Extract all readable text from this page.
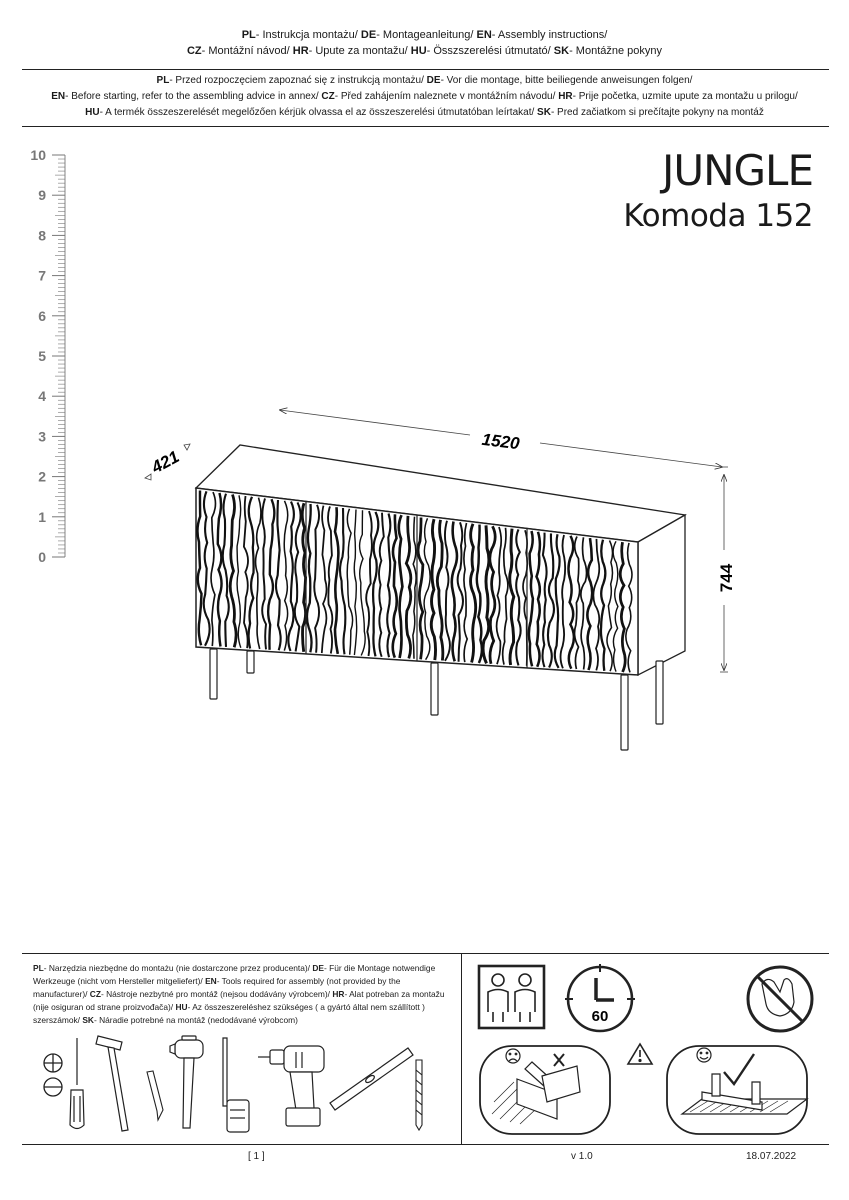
PL- Instrukcja montażu/ DE- Montageanleitung/ EN- Assembly instructions/
CZ- Montážní návod/ HR- Upute za montažu/ HU- Összszerelési útmutató/ SK- Montážne pokyny
PL- Przed rozpoczęciem zapoznać się z instrukcją montażu/ DE- Vor die montage, bitte beiliegende anweisungen folgen/
EN- Before starting, refer to the assembling advice in annex/ CZ- Před zahájením naleznete v montážním návodu/ HR- Prije početka, uzmite upute za montažu u prilogu/
HU- A termék összeszerelését megelőzően kérjük olvassa el az összeszerelési útmutatóban leírtakat/ SK- Pred začiatkom si prečítajte pokyny na montáž
JUNGLE
Komoda 152
10
9
8
7
6
5
4
3
2
1
0
1520
421
744
PL- Narzędzia niezbędne do montażu (nie dostarczone przez producenta)/ DE- Für die Montage notwendige Werkzeuge (nicht vom Hersteller mitgeliefert)/ EN- Tools required for assembly (not provided by the manufacturer)/ CZ- Nástroje nezbytné pro montáž (nejsou dodávány výrobcem)/ HR- Alat potreban za montažu (nije osiguran od strane proizvođača)/ HU- Az összeszereléshez szükséges ( a gyártó által nem szállított ) szerszámok/ SK- Náradie potrebné na montáž (nedodávané výrobcom)	60
[ 1 ]	v 1.0	18.07.2022
